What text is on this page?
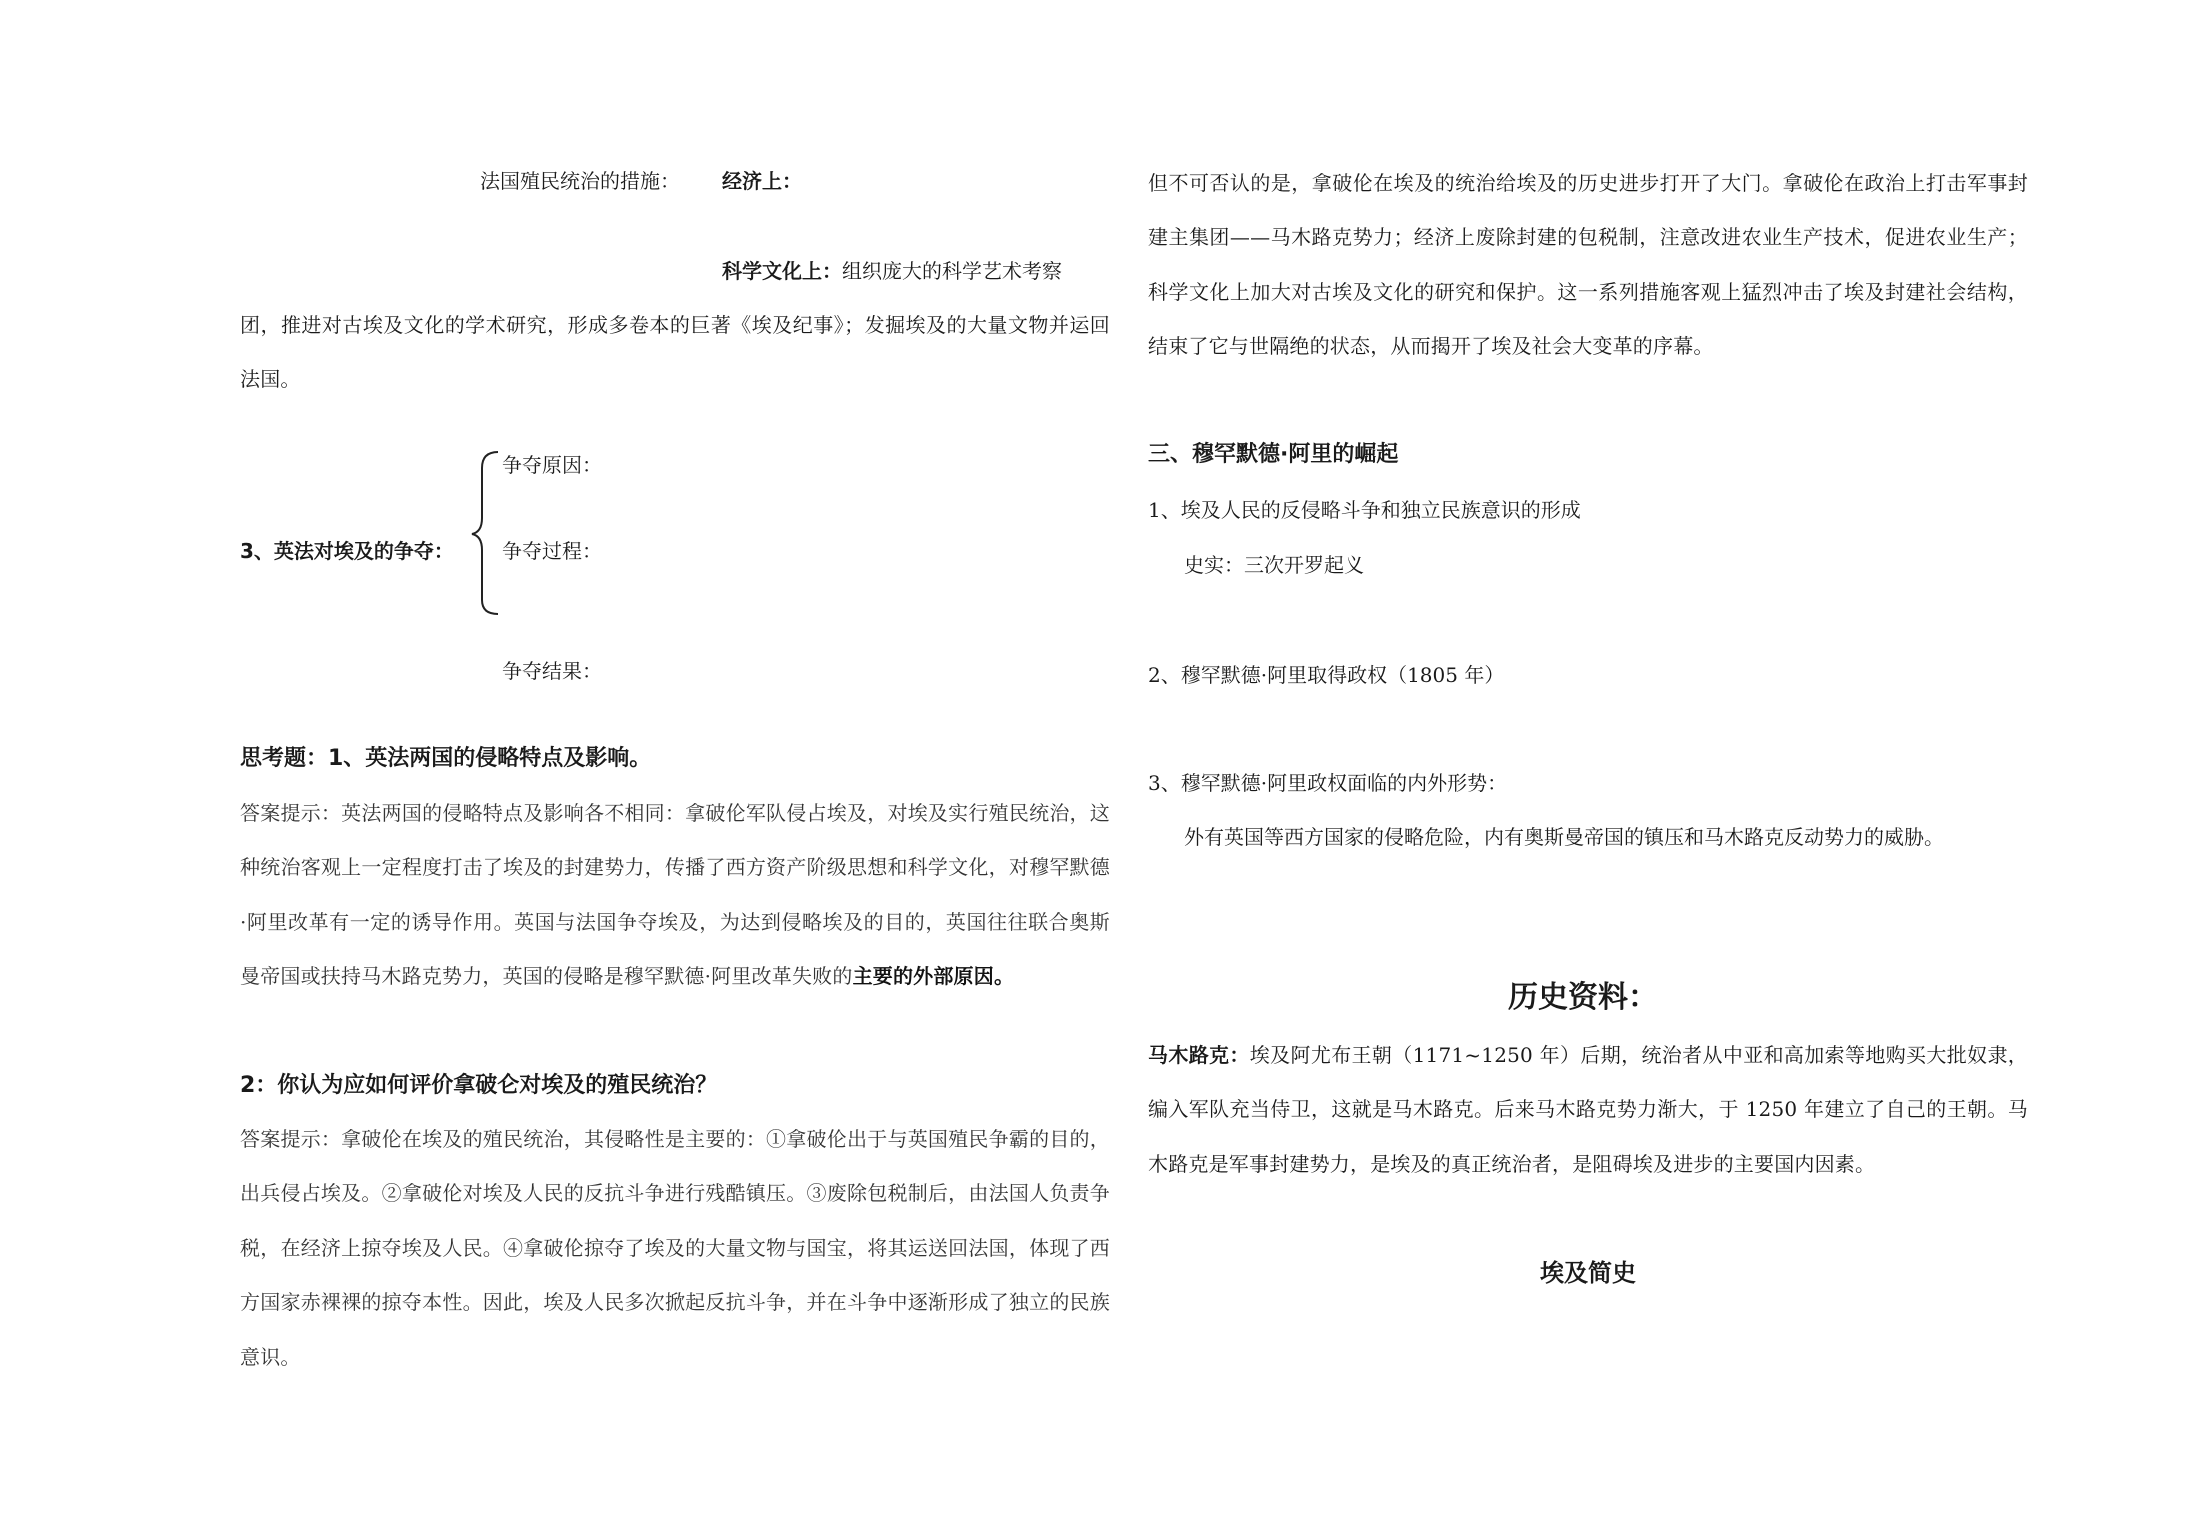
法国殖民统治的措施： 经济上：
科学文化上：组织庞大的科学艺术考察
团，推进对古埃及文化的学术研究，形成多卷本的巨著《埃及纪事》；发掘埃及的大量文物并运回法国。
争夺原因：
3、英法对埃及的争夺： 争夺过程：
争夺结果：
思考题：1、英法两国的侵略特点及影响。
答案提示：英法两国的侵略特点及影响各不相同：拿破伦军队侵占埃及，对埃及实行殖民统治，这种统治客观上一定程度打击了埃及的封建势力，传播了西方资产阶级思想和科学文化，对穆罕默德·阿里改革有一定的诱导作用。英国与法国争夺埃及，为达到侵略埃及的目的，英国往往联合奥斯曼帝国或扶持马木路克势力，英国的侵略是穆罕默德·阿里改革失败的主要的外部原因。
2：你认为应如何评价拿破仑对埃及的殖民统治？
答案提示：拿破伦在埃及的殖民统治，其侵略性是主要的：①拿破伦出于与英国殖民争霸的目的，出兵侵占埃及。②拿破伦对埃及人民的反抗斗争进行残酷镇压。③废除包税制后，由法国人负责争税，在经济上掠夺埃及人民。④拿破伦掠夺了埃及的大量文物与国宝，将其运送回法国，体现了西方国家赤裸裸的掠夺本性。因此，埃及人民多次掀起反抗斗争，并在斗争中逐渐形成了独立的民族意识。
但不可否认的是，拿破伦在埃及的统治给埃及的历史进步打开了大门。拿破伦在政治上打击军事封建主集团——马木路克势力；经济上废除封建的包税制，注意改进农业生产技术，促进农业生产；科学文化上加大对古埃及文化的研究和保护。这一系列措施客观上猛烈冲击了埃及封建社会结构，结束了它与世隔绝的状态，从而揭开了埃及社会大变革的序幕。
三、穆罕默德·阿里的崛起
1、埃及人民的反侵略斗争和独立民族意识的形成
史实：三次开罗起义
2、穆罕默德·阿里取得政权（1805 年）
3、穆罕默德·阿里政权面临的内外形势：
外有英国等西方国家的侵略危险，内有奥斯曼帝国的镇压和马木路克反动势力的威胁。
历史资料：
马木路克：埃及阿尤布王朝（1171~1250 年）后期，统治者从中亚和高加索等地购买大批奴隶，编入军队充当侍卫，这就是马木路克。后来马木路克势力渐大，于 1250 年建立了自己的王朝。马木路克是军事封建势力，是埃及的真正统治者，是阻碍埃及进步的主要国内因素。
埃及简史
